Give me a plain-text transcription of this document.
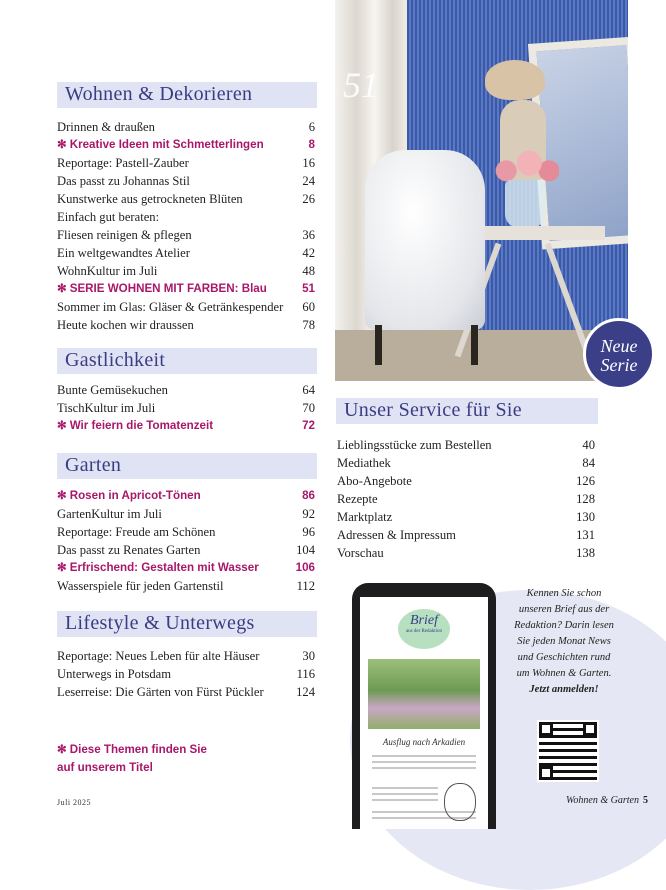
Wohnen & Dekorieren
Drinnen & draußen	6
✻ Kreative Ideen mit Schmetterlingen	8
Reportage: Pastell-Zauber	16
Das passt zu Johannas Stil	24
Kunstwerke aus getrockneten Blüten	26
Einfach gut beraten:
Fliesen reinigen & pflegen	36
Ein weltgewandtes Atelier	42
WohnKultur im Juli	48
✻ SERIE WOHNEN MIT FARBEN: Blau	51
Sommer im Glas: Gläser & Getränkespender 60
Heute kochen wir draussen	78
Gastlichkeit
Bunte Gemüsekuchen	64
TischKultur im Juli	70
✻ Wir feiern die Tomatenzeit	72
Garten
✻ Rosen in Apricot-Tönen	86
GartenKultur im Juli	92
Reportage: Freude am Schönen	96
Das passt zu Renates Garten	104
✻ Erfrischend: Gestalten mit Wasser	106
Wasserspiele für jeden Gartenstil	112
Lifestyle & Unterwegs
Reportage: Neues Leben für alte Häuser	30
Unterwegs in Potsdam	116
Leserreise: Die Gärten von Fürst Pückler	124
51
Neue
Serie
Unser Service für Sie
Lieblingsstücke zum Bestellen	40
Mediathek	84
Abo-Angebote	126
Rezepte	128
Marktplatz	130
Adressen & Impressum	131
Vorschau	138
✻ Diese Themen finden Sie
auf unserem Titel
Brief
aus der Redaktion
Ausflug nach Arkadien
Kennen Sie schon
unseren Brief aus der
Redaktion? Darin lesen
Sie jeden Monat News
und Geschichten rund
um Wohnen & Garten.
Jetzt anmelden!
Juli 2025	Wohnen & Garten 5
